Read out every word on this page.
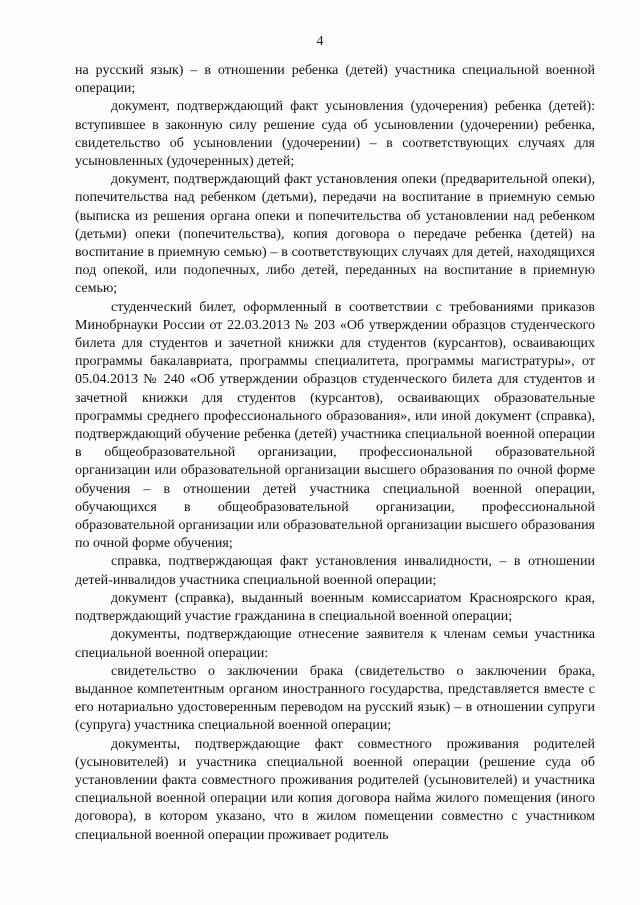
4

на русский язык) – в отношении ребенка (детей) участника специальной военной операции;

документ, подтверждающий факт усыновления (удочерения) ребенка (детей): вступившее в законную силу решение суда об усыновлении (удочерении) ребенка, свидетельство об усыновлении (удочерении) – в соответствующих случаях для усыновленных (удочеренных) детей;

документ, подтверждающий факт установления опеки (предварительной опеки), попечительства над ребенком (детьми), передачи на воспитание в приемную семью (выписка из решения органа опеки и попечительства об установлении над ребенком (детьми) опеки (попечительства), копия договора о передаче ребенка (детей) на воспитание в приемную семью) – в соответствующих случаях для детей, находящихся под опекой, или подопечных, либо детей, переданных на воспитание в приемную семью;

студенческий билет, оформленный в соответствии с требованиями приказов Минобрнауки России от 22.03.2013 № 203 «Об утверждении образцов студенческого билета для студентов и зачетной книжки для студентов (курсантов), осваивающих программы бакалавриата, программы специалитета, программы магистратуры», от 05.04.2013 № 240 «Об утверждении образцов студенческого билета для студентов и зачетной книжки для студентов (курсантов), осваивающих образовательные программы среднего профессионального образования», или иной документ (справка), подтверждающий обучение ребенка (детей) участника специальной военной операции в общеобразовательной организации, профессиональной образовательной организации или образовательной организации высшего образования по очной форме обучения – в отношении детей участника специальной военной операции, обучающихся в общеобразовательной организации, профессиональной образовательной организации или образовательной организации высшего образования по очной форме обучения;

справка, подтверждающая факт установления инвалидности, – в отношении детей-инвалидов участника специальной военной операции;

документ (справка), выданный военным комиссариатом Красноярского края, подтверждающий участие гражданина в специальной военной операции;

документы, подтверждающие отнесение заявителя к членам семьи участника специальной военной операции:

свидетельство о заключении брака (свидетельство о заключении брака, выданное компетентным органом иностранного государства, представляется вместе с его нотариально удостоверенным переводом на русский язык) – в отношении супруги (супруга) участника специальной военной операции;

документы, подтверждающие факт совместного проживания родителей (усыновителей) и участника специальной военной операции (решение суда об установлении факта совместного проживания родителей (усыновителей) и участника специальной военной операции или копия договора найма жилого помещения (иного договора), в котором указано, что в жилом помещении совместно с участником специальной военной операции проживает родитель
